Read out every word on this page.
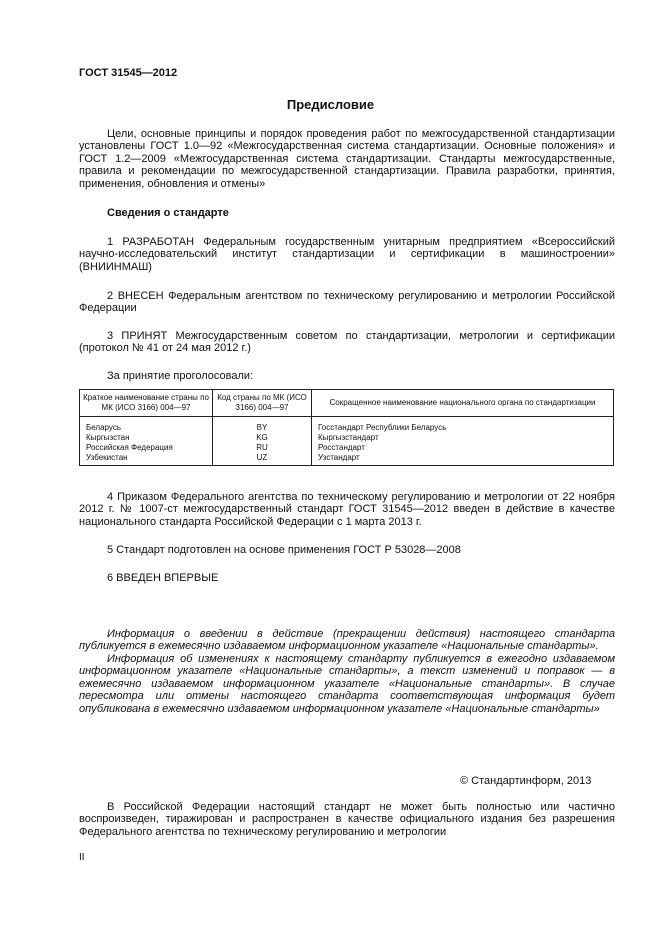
ГОСТ 31545—2012
Предисловие
Цели, основные принципы и порядок проведения работ по межгосударственной стандартизации установлены ГОСТ 1.0—92 «Межгосударственная система стандартизации. Основные положения» и ГОСТ 1.2—2009 «Межгосударственная система стандартизации. Стандарты межгосударственные, правила и рекомендации по межгосударственной стандартизации. Правила разработки, принятия, применения, обновления и отмены»
Сведения о стандарте
1 РАЗРАБОТАН Федеральным государственным унитарным предприятием «Всероссийский научно-исследовательский институт стандартизации и сертификации в машиностроении» (ВНИИНМАШ)
2 ВНЕСЕН Федеральным агентством по техническому регулированию и метрологии Российской Федерации
3 ПРИНЯТ Межгосударственным советом по стандартизации, метрологии и сертификации (протокол № 41 от 24 мая 2012 г.)
За принятие проголосовали:
Краткое наименование страны по МК (ИСО 3166) 004—97	Код страны по МК (ИСО 3166) 004—97	Сокращенное наименование национального органа по стандартизации
Беларусь	BY	Госстандарт Республики Беларусь
Кыргызстан	KG	Кыргызстандарт
Российская Федерация	RU	Росстандарт
Узбекистан	UZ	Узстандарт
4 Приказом Федерального агентства по техническому регулированию и метрологии от 22 ноября 2012 г. № 1007-ст межгосударственный стандарт ГОСТ 31545—2012 введен в действие в качестве национального стандарта Российской Федерации с 1 марта 2013 г.
5 Стандарт подготовлен на основе применения ГОСТ Р 53028—2008
6 ВВЕДЕН ВПЕРВЫЕ
Информация о введении в действие (прекращении действия) настоящего стандарта публикуется в ежемесячно издаваемом информационном указателе «Национальные стандарты».
Информация об изменениях к настоящему стандарту публикуется в ежегодно издаваемом информационном указателе «Национальные стандарты», а текст изменений и поправок — в ежемесячно издаваемом информационном указателе «Национальные стандарты». В случае пересмотра или отмены настоящего стандарта соответствующая информация будет опубликована в ежемесячно издаваемом информационном указателе «Национальные стандарты»
© Стандартинформ, 2013
В Российской Федерации настоящий стандарт не может быть полностью или частично воспроизведен, тиражирован и распространен в качестве официального издания без разрешения Федерального агентства по техническому регулированию и метрологии
II
